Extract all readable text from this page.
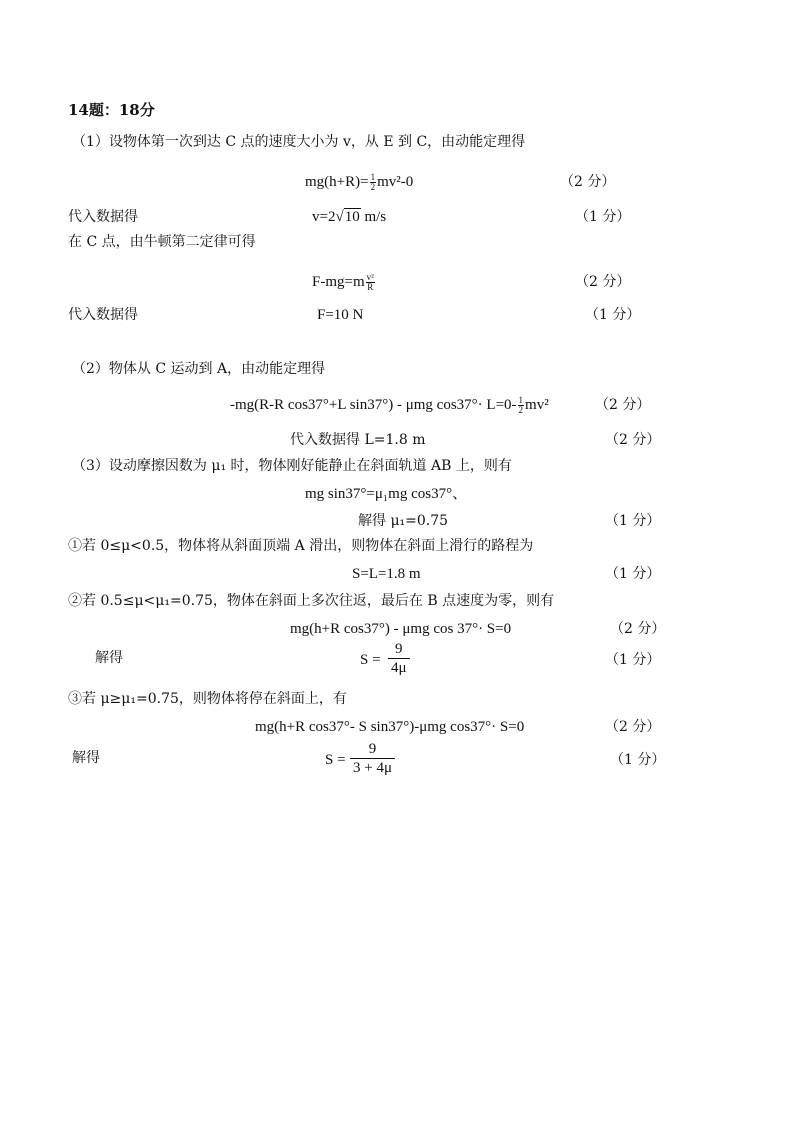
14题：18分
（1）设物体第一次到达 C 点的速度大小为 v，从 E 到 C，由动能定理得
$mg(h+R)= \frac{1}{2} mv^2-0$	（2 分）
代入数据得	v=2√10 m/s	（1 分）
在 C 点，由牛顿第二定律可得
$F-mg=m \frac{\text{v²}}{R}$	（2 分）
代入数据得	F=10 N	（1 分）
（2）物体从 C 运动到 A，由动能定理得
-mg(R-R cos37°+L sin37°) - μmg $\cos 37^\circ\cdot L=0- \frac{1}{2} mv^2$	（2 分）
代入数据得 L=1.8 m	（2 分）
（3）设动摩擦因数为 μ₁ 时，物体刚好能静止在斜面轨道 AB 上，则有
mg sin37°=μ₁mg cos37°、
解得 μ₁=0.75	（1 分）
①若 0≤μ<0.5，物体将从斜面顶端 A 滑出，则物体在斜面上滑行的路程为
S=L=1.8 m	（1 分）
②若 0.5≤μ<μ₁=0.75，物体在斜面上多次往返，最后在 B 点速度为零，则有
mg(h+R cos37°) - μmg cos 37°· S=0	（2 分）
解得	$S = \frac{9}{4\mu}$	（1 分）
③若 μ≥μ₁=0.75，则物体将停在斜面上，有
mg(h+R cos37°- S sin37°)-μmg cos37°· S=0	（2 分）
解得	$S = \frac{9}{3 + 4\mu}$	（1 分）
